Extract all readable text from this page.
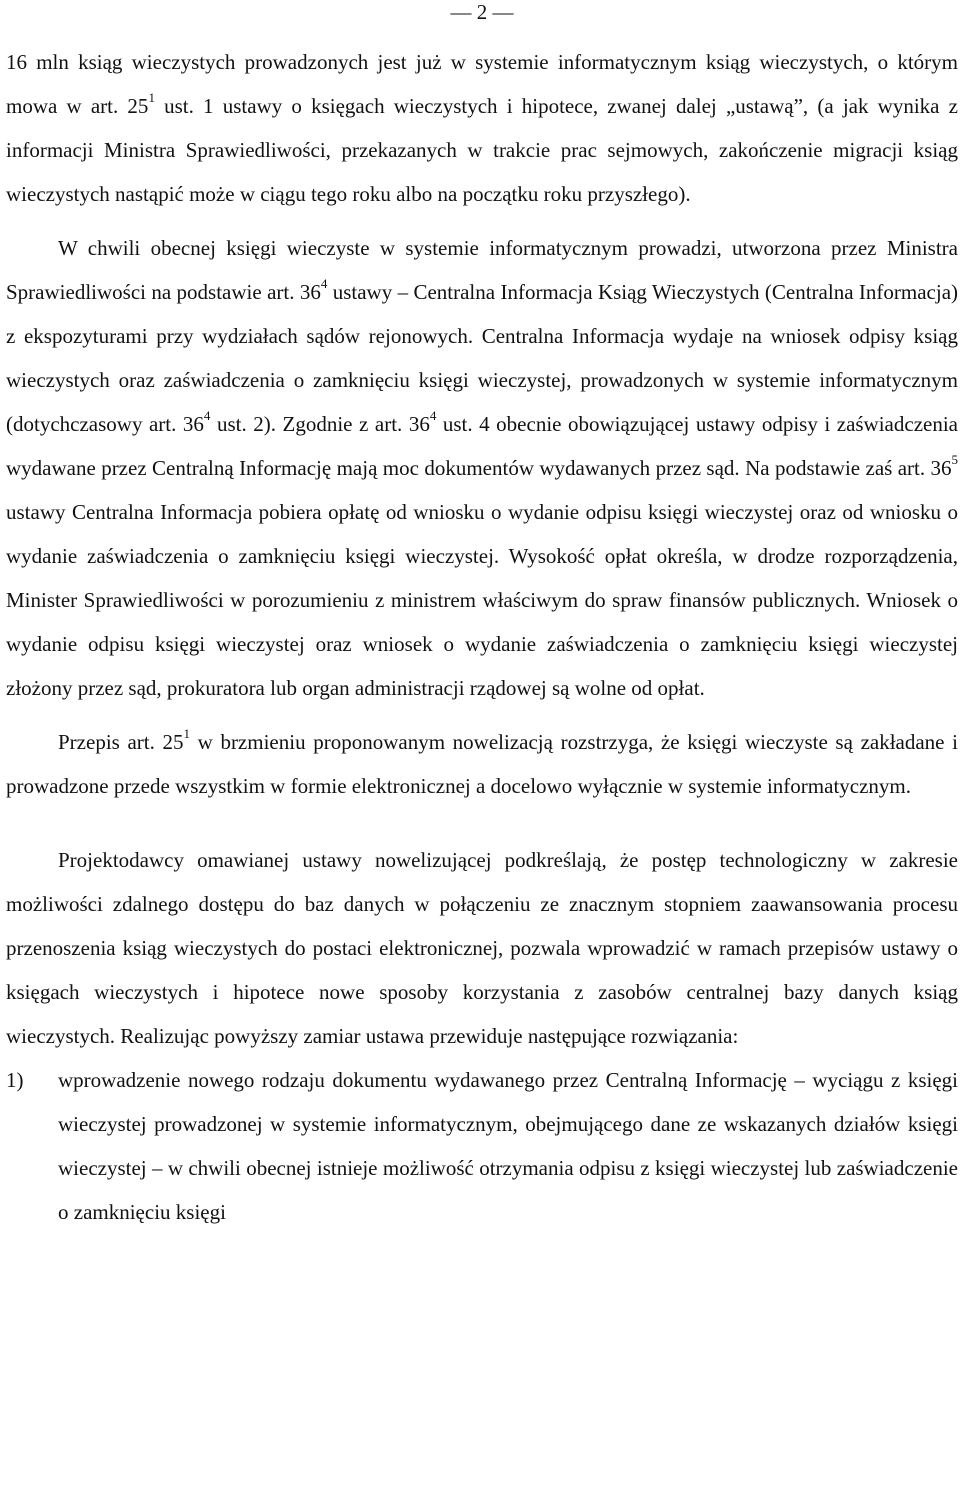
— 2 —

16 mln ksiąg wieczystych prowadzonych jest już w systemie informatycznym ksiąg wieczystych, o którym mowa w art. $25^1$ ust. 1 ustawy o księgach wieczystych i hipotece, zwanej dalej „ustawą”, (a jak wynika z informacji Ministra Sprawiedliwości, przekazanych w trakcie prac sejmowych, zakończenie migracji ksiąg wieczystych nastąpić może w ciągu tego roku albo na początku roku przyszłego).

W chwili obecnej księgi wieczyste w systemie informatycznym prowadzi, utworzona przez Ministra Sprawiedliwości na podstawie art. $36^4$ ustawy – Centralna Informacja Ksiąg Wieczystych (Centralna Informacja) z ekspozyturami przy wydziałach sądów rejonowych. Centralna Informacja wydaje na wniosek odpisy ksiąg wieczystych oraz zaświadczenia o zamknięciu księgi wieczystej, prowadzonych w systemie informatycznym (dotychczasowy art. $36^4$ ust. 2). Zgodnie z art. $36^4$ ust. 4 obecnie obowiązującej ustawy odpisy i zaświadczenia wydawane przez Centralną Informację mają moc dokumentów wydawanych przez sąd. Na podstawie zaś art. $36^5$ ustawy Centralna Informacja pobiera opłatę od wniosku o wydanie odpisu księgi wieczystej oraz od wniosku o wydanie zaświadczenia o zamknięciu księgi wieczystej. Wysokość opłat określa, w drodze rozporządzenia, Minister Sprawiedliwości w porozumieniu z ministrem właściwym do spraw finansów publicznych. Wniosek o wydanie odpisu księgi wieczystej oraz wniosek o wydanie zaświadczenia o zamknięciu księgi wieczystej złożony przez sąd, prokuratora lub organ administracji rządowej są wolne od opłat.

Przepis art. $25^1$ w brzmieniu proponowanym nowelizacją rozstrzyga, że księgi wieczyste są zakładane i prowadzone przede wszystkim w formie elektronicznej a docelowo wyłącznie w systemie informatycznym.

Projektodawcy omawianej ustawy nowelizującej podkreślają, że postęp technologiczny w zakresie możliwości zdalnego dostępu do baz danych w połączeniu ze znacznym stopniem zaawansowania procesu przenoszenia ksiąg wieczystych do postaci elektronicznej, pozwala wprowadzić w ramach przepisów ustawy o księgach wieczystych i hipotece nowe sposoby korzystania z zasobów centralnej bazy danych ksiąg wieczystych. Realizując powyższy zamiar ustawa przewiduje następujące rozwiązania:

1)	wprowadzenie nowego rodzaju dokumentu wydawanego przez Centralną Informację – wyciągu z księgi wieczystej prowadzonej w systemie informatycznym, obejmującego dane ze wskazanych działów księgi wieczystej – w chwili obecnej istnieje możliwość otrzymania odpisu z księgi wieczystej lub zaświadczenie o zamknięciu księgi
